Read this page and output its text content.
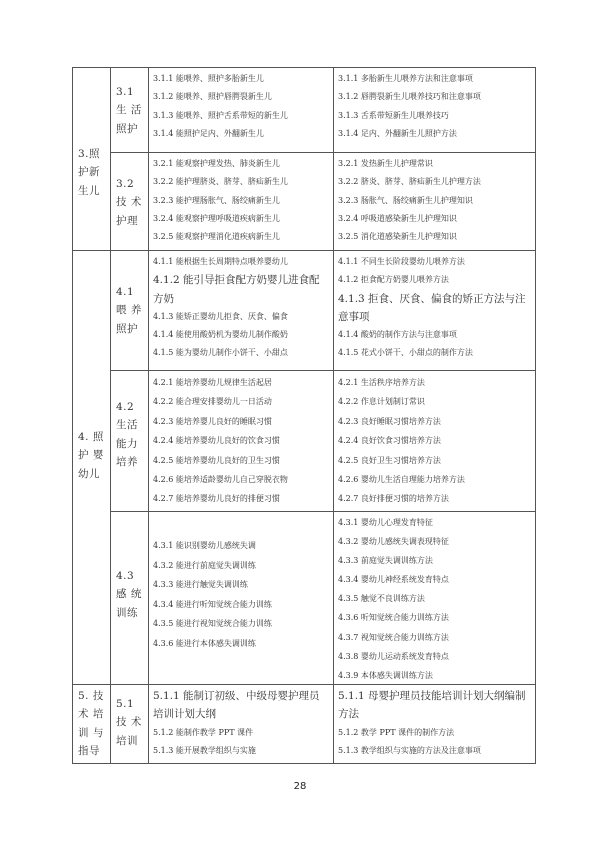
3.照
护新
生儿
3.1
生 活
照护
3.1.1 能喂养、照护多胎新生儿
3.1.2 能喂养、照护唇腭裂新生儿
3.1.3 能喂养、照护舌系带短的新生儿
3.1.4 能照护足内、外翻新生儿
3.1.1 多胎新生儿喂养方法和注意事项
3.1.2 唇腭裂新生儿喂养技巧和注意事项
3.1.3 舌系带短新生儿喂养技巧
3.1.4 足内、外翻新生儿照护方法
3.2
技 术
护理
3.2.1 能观察护理发热、肺炎新生儿
3.2.2 能护理脐炎、脐芽、脐疝新生儿
3.2.3 能护理肠胀气、肠绞痛新生儿
3.2.4 能观察护理呼吸道疾病新生儿
3.2.5 能观察护理消化道疾病新生儿
3.2.1 发热新生儿护理常识
3.2.2 脐炎、脐芽、脐疝新生儿护理方法
3.2.3 肠胀气、肠绞痛新生儿护理知识
3.2.4 呼吸道感染新生儿护理知识
3.2.5 消化道感染新生儿护理知识
4. 照
护 婴
幼儿
4.1
喂 养
照护
4.1.1 能根据生长周期特点喂养婴幼儿
4.1.2 能引导拒食配方奶婴儿进食配方奶
4.1.3 能矫正婴幼儿拒食、厌食、偏食
4.1.4 能使用酸奶机为婴幼儿制作酸奶
4.1.5 能为婴幼儿制作小饼干、小甜点
4.1.1 不同生长阶段婴幼儿喂养方法
4.1.2 拒食配方奶婴儿喂养方法
4.1.3 拒食、厌食、偏食的矫正方法与注意事项
4.1.4 酸奶的制作方法与注意事项
4.1.5 花式小饼干、小甜点的制作方法
4.2
生活
能力
培养
4.2.1 能培养婴幼儿规律生活起居
4.2.2 能合理安排婴幼儿一日活动
4.2.3 能培养婴儿良好的睡眠习惯
4.2.4 能培养婴幼儿良好的饮食习惯
4.2.5 能培养婴幼儿良好的卫生习惯
4.2.6 能培养适龄婴幼儿自己穿脱衣物
4.2.7 能培养婴幼儿良好的排便习惯
4.2.1 生活秩序培养方法
4.2.2 作息计划制订常识
4.2.3 良好睡眠习惯培养方法
4.2.4 良好饮食习惯培养方法
4.2.5 良好卫生习惯培养方法
4.2.6 婴幼儿生活自理能力培养方法
4.2.7 良好排便习惯的培养方法
4.3
感 统
训练
4.3.1 能识别婴幼儿感统失调
4.3.2 能进行前庭觉失调训练
4.3.3 能进行触觉失调训练
4.3.4 能进行听知觉统合能力训练
4.3.5 能进行视知觉统合能力训练
4.3.6 能进行本体感失调训练
4.3.1 婴幼儿心理发育特征
4.3.2 婴幼儿感统失调表现特征
4.3.3 前庭觉失调训练方法
4.3.4 婴幼儿神经系统发育特点
4.3.5 触觉不良训练方法
4.3.6 听知觉统合能力训练方法
4.3.7 视知觉统合能力训练方法
4.3.8 婴幼儿运动系统发育特点
4.3.9 本体感失调训练方法
5. 技
术 培
训 与
指导
5.1
技 术
培训
5.1.1 能制订初级、中级母婴护理员培训计划大纲
5.1.2 能制作教学 PPT 课件
5.1.3 能开展教学组织与实施
5.1.1 母婴护理员技能培训计划大纲编制方法
5.1.2 教学 PPT 课件的制作方法
5.1.3 教学组织与实施的方法及注意事项
28
